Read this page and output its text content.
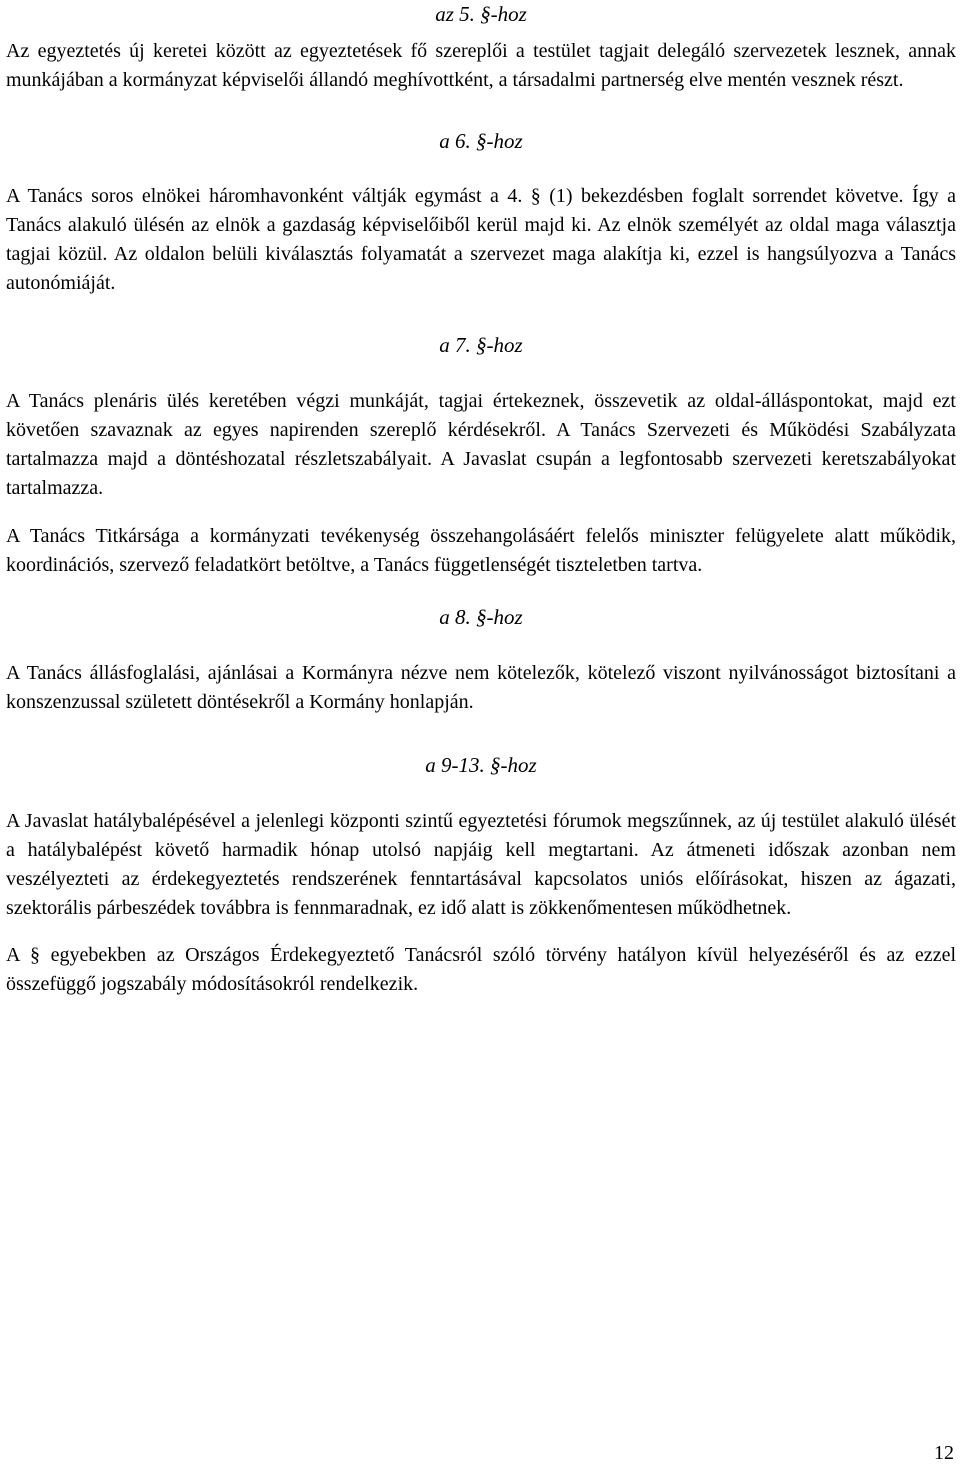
az 5. §-hoz

Az egyeztetés új keretei között az egyeztetések fő szereplői a testület tagjait delegáló szervezetek lesznek, annak munkájában a kormányzat képviselői állandó meghívottként, a társadalmi partnerség elve mentén vesznek részt.

a 6. §-hoz

A Tanács soros elnökei háromhavonként váltják egymást a 4. § (1) bekezdésben foglalt sorrendet követve. Így a Tanács alakuló ülésén az elnök a gazdaság képviselőiből kerül majd ki. Az elnök személyét az oldal maga választja tagjai közül. Az oldalon belüli kiválasztás folyamatát a szervezet maga alakítja ki, ezzel is hangsúlyozva a Tanács autonómiáját.

a 7. §-hoz

A Tanács plenáris ülés keretében végzi munkáját, tagjai értekeznek, összevetik az oldal-álláspontokat, majd ezt követően szavaznak az egyes napirenden szereplő kérdésekről. A Tanács Szervezeti és Működési Szabályzata tartalmazza majd a döntéshozatal részletszabályait. A Javaslat csupán a legfontosabb szervezeti keretszabályokat tartalmazza.

A Tanács Titkársága a kormányzati tevékenység összehangolásáért felelős miniszter felügyelete alatt működik, koordinációs, szervező feladatkört betöltve, a Tanács függetlenségét tiszteletben tartva.

a 8. §-hoz

A Tanács állásfoglalási, ajánlásai a Kormányra nézve nem kötelezők, kötelező viszont nyilvánosságot biztosítani a konszenzussal született döntésekről a Kormány honlapján.

a 9-13. §-hoz

A Javaslat hatálybalépésével a jelenlegi központi szintű egyeztetési fórumok megszűnnek, az új testület alakuló ülését a hatálybalépést követő harmadik hónap utolsó napjáig kell megtartani. Az átmeneti időszak azonban nem veszélyezteti az érdekegyeztetés rendszerének fenntartásával kapcsolatos uniós előírásokat, hiszen az ágazati, szektorális párbeszédek továbbra is fennmaradnak, ez idő alatt is zökkenőmentesen működhetnek.

A § egyebekben az Országos Érdekegyeztető Tanácsról szóló törvény hatályon kívül helyezéséről és az ezzel összefüggő jogszabály módosításokról rendelkezik.

12
